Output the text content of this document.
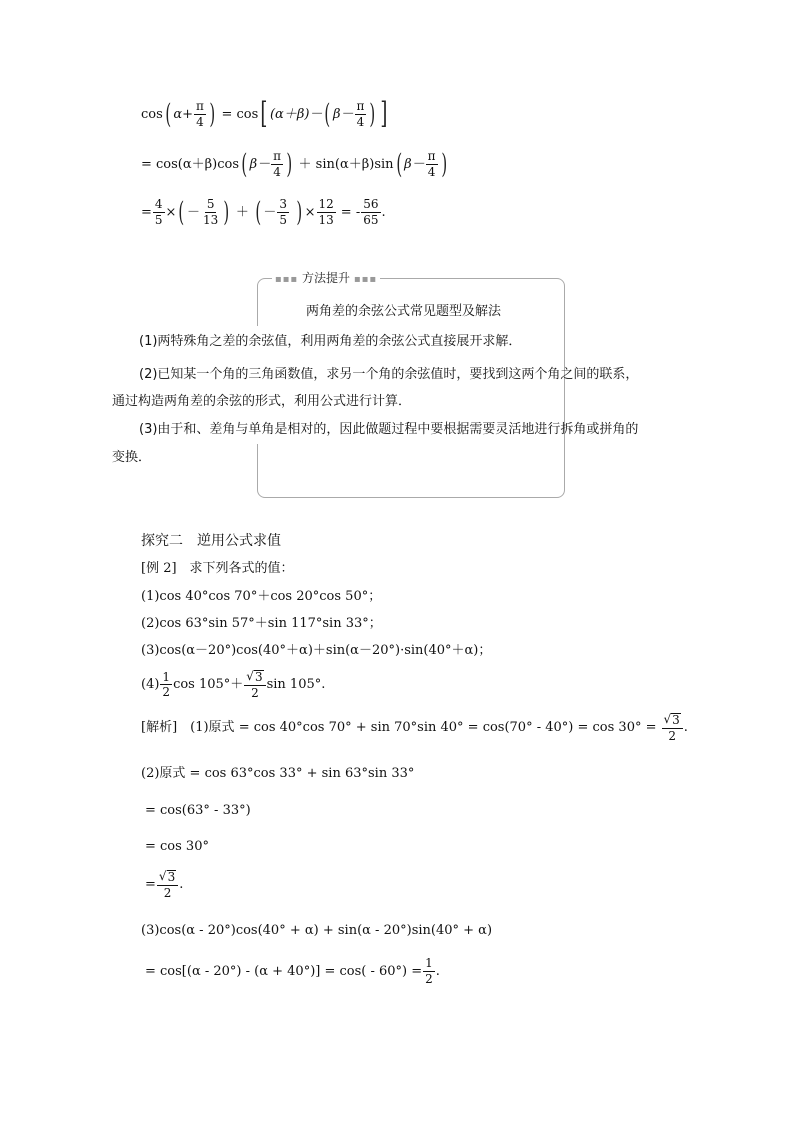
cos ( $\alpha + \frac{\pi}{4}$ ) = cos [ (α＋β)－ ( $\beta- \frac{\pi}{4}$ ) ]
= cos(α＋β)cos ( $\beta- \frac{\pi}{4}$ ) ＋ sin(α＋β)sin ( $\beta- \frac{\pi}{4}$ )
= $\frac{4}{5}$ × ( － $\frac{5}{13}$ ) ＋ ( － $\frac{3}{5}$ ) × $\frac{12}{13}$ = - $\frac{56}{65}$ .
▪▪▪ 方法提升 ▪▪▪
两角差的余弦公式常见题型及解法
(1)两特殊角之差的余弦值，利用两角差的余弦公式直接展开求解．
(2)已知某一个角的三角函数值，求另一个角的余弦值时，要找到这两个角之间的联系，
通过构造两角差的余弦的形式，利用公式进行计算．
(3)由于和、差角与单角是相对的，因此做题过程中要根据需要灵活地进行拆角或拼角的
变换．
探究二　逆用公式求值
[例 2]　求下列各式的值：
(1)cos 40°cos 70°＋cos 20°cos 50°；
(2)cos 63°sin 57°＋sin 117°sin 33°；
(3)cos(α－20°)cos(40°＋α)＋sin(α－20°)·sin(40°＋α)；
$(4) \frac{1}{2}$ $\cos 105^\circ+ \frac{√ 3}{2}$ sin 105°.
[解析]　(1)原式 = cos 40°cos 70° + sin 70°sin $40^\circ = \cos(70^\circ - 40^\circ) = \cos 30^\circ = \frac{√ 3}{2}$ .
(2)原式 = cos 63°cos 33° + sin 63°sin 33°
= cos(63° - 33°)
= cos 30°
= $\frac{√ 3}{2}$ .
(3)cos(α - 20°)cos(40° + α) + sin(α - 20°)sin(40° + α)
= $\cos[(\alpha - 20^\circ) - (\alpha + 40^\circ)] = \cos( - 60^\circ) = \frac{1}{2}$ .
